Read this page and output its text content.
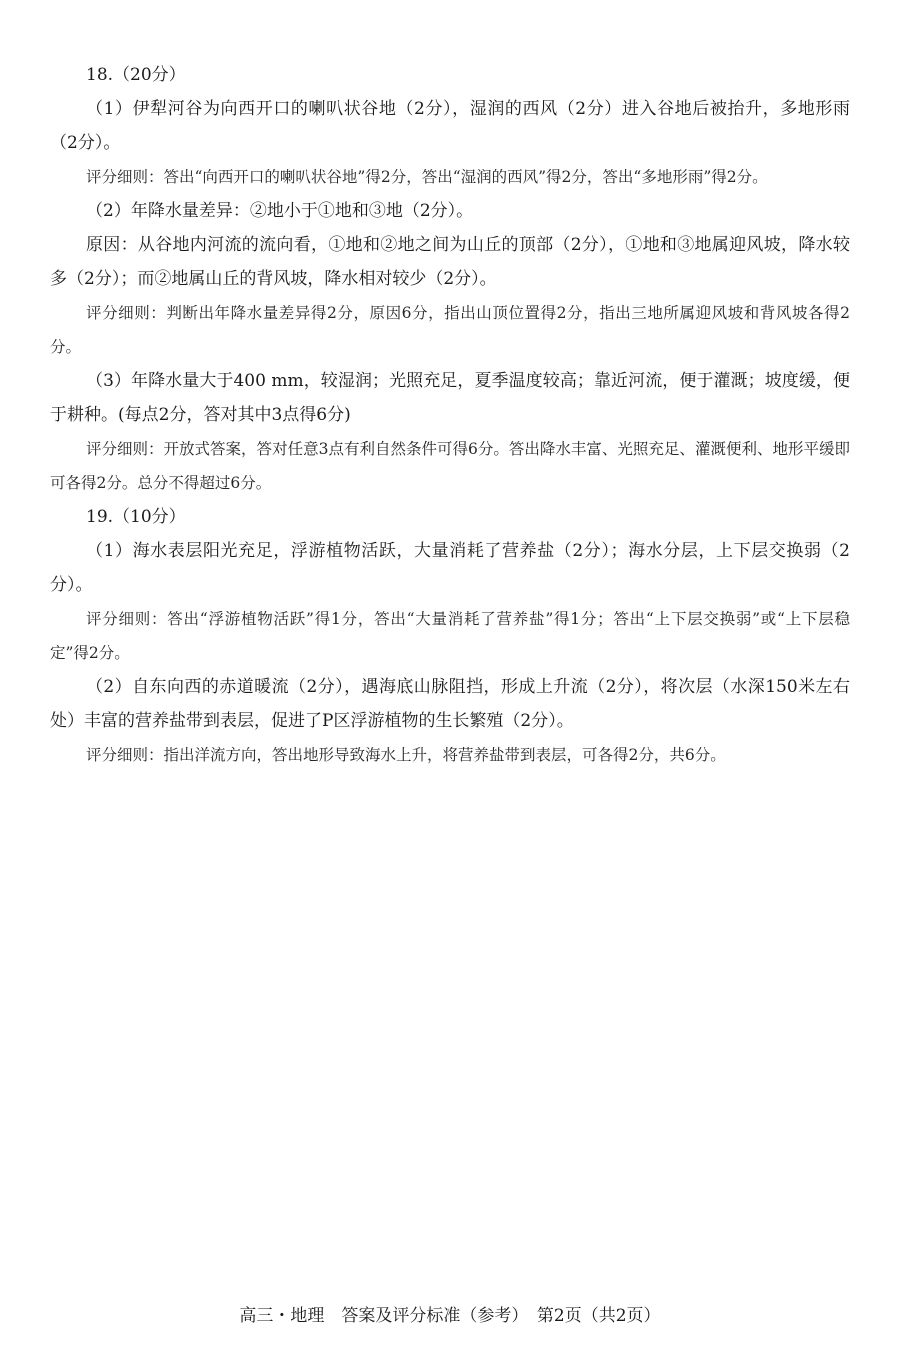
18.（20分）

（1）伊犁河谷为向西开口的喇叭状谷地（2分），湿润的西风（2分）进入谷地后被抬升，多地形雨（2分）。

评分细则：答出“向西开口的喇叭状谷地”得2分，答出“湿润的西风”得2分，答出“多地形雨”得2分。

（2）年降水量差异：②地小于①地和③地（2分）。

原因：从谷地内河流的流向看，①地和②地之间为山丘的顶部（2分），①地和③地属迎风坡，降水较多（2分）；而②地属山丘的背风坡，降水相对较少（2分）。

评分细则：判断出年降水量差异得2分，原因6分，指出山顶位置得2分，指出三地所属迎风坡和背风坡各得2分。

（3）年降水量大于400 mm，较湿润；光照充足，夏季温度较高；靠近河流，便于灌溉；坡度缓，便于耕种。(每点2分，答对其中3点得6分)

评分细则：开放式答案，答对任意3点有利自然条件可得6分。答出降水丰富、光照充足、灌溉便利、地形平缓即可各得2分。总分不得超过6分。

19.（10分）

（1）海水表层阳光充足，浮游植物活跃，大量消耗了营养盐（2分）；海水分层，上下层交换弱（2分）。

评分细则：答出“浮游植物活跃”得1分，答出“大量消耗了营养盐”得1分；答出“上下层交换弱”或“上下层稳定”得2分。

（2）自东向西的赤道暖流（2分），遇海底山脉阻挡，形成上升流（2分），将次层（水深150米左右处）丰富的营养盐带到表层，促进了P区浮游植物的生长繁殖（2分）。

评分细则：指出洋流方向，答出地形导致海水上升，将营养盐带到表层，可各得2分，共6分。

高三・地理　答案及评分标准（参考）　第2页（共2页）
